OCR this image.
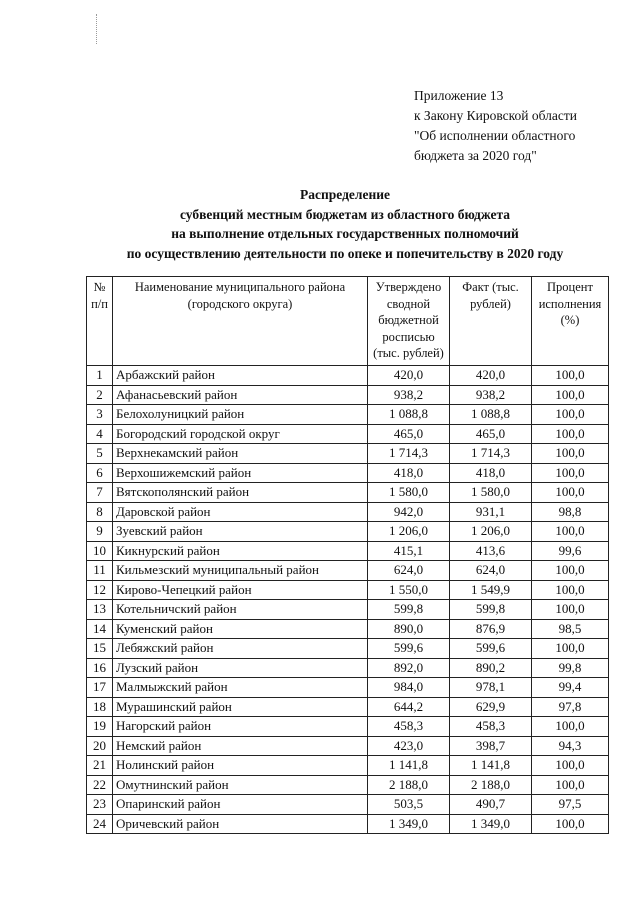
Приложение 13
к Закону Кировской области
"Об исполнении областного
бюджета за 2020 год"
Распределение
субвенций местным бюджетам из областного бюджета
на выполнение отдельных государственных полномочий
по осуществлению деятельности по опеке и попечительству в 2020 году
№ п/п	Наименование муниципального района (городского округа)	Утверждено сводной бюджетной росписью (тыс. рублей)	Факт (тыс. рублей)	Процент исполнения (%)
1	Арбажский район	420,0	420,0	100,0
2	Афанасьевский район	938,2	938,2	100,0
3	Белохолуницкий район	1 088,8	1 088,8	100,0
4	Богородский городской округ	465,0	465,0	100,0
5	Верхнекамский район	1 714,3	1 714,3	100,0
6	Верхошижемский район	418,0	418,0	100,0
7	Вятскополянский район	1 580,0	1 580,0	100,0
8	Даровской район	942,0	931,1	98,8
9	Зуевский район	1 206,0	1 206,0	100,0
10	Кикнурский район	415,1	413,6	99,6
11	Кильмезский муниципальный район	624,0	624,0	100,0
12	Кирово-Чепецкий район	1 550,0	1 549,9	100,0
13	Котельничский район	599,8	599,8	100,0
14	Куменский район	890,0	876,9	98,5
15	Лебяжский район	599,6	599,6	100,0
16	Лузский район	892,0	890,2	99,8
17	Малмыжский район	984,0	978,1	99,4
18	Мурашинский район	644,2	629,9	97,8
19	Нагорский район	458,3	458,3	100,0
20	Немский район	423,0	398,7	94,3
21	Нолинский район	1 141,8	1 141,8	100,0
22	Омутнинский район	2 188,0	2 188,0	100,0
23	Опаринский район	503,5	490,7	97,5
24	Оричевский район	1 349,0	1 349,0	100,0
